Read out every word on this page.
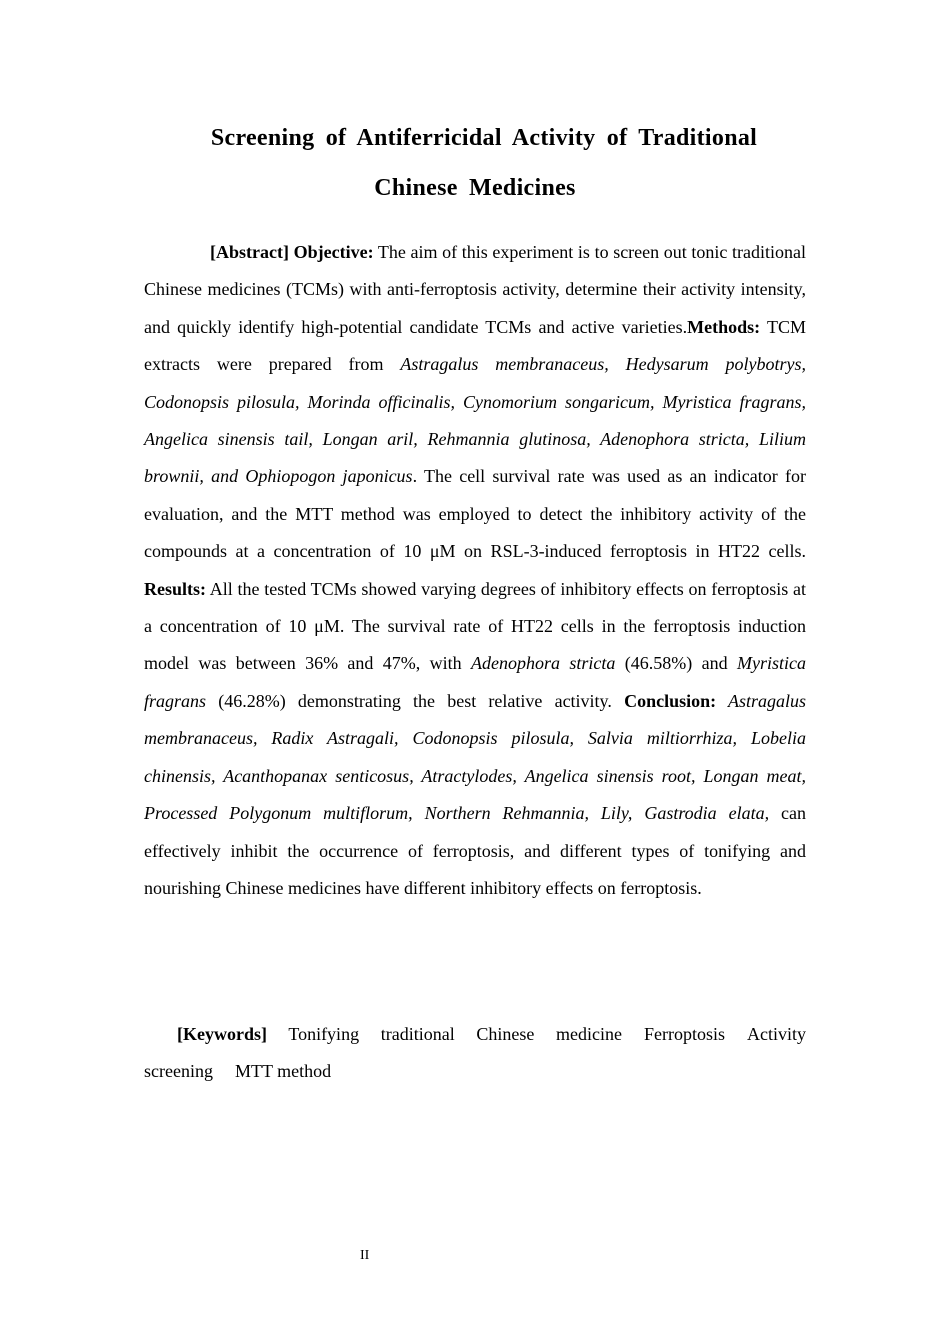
Screening of Antiferricidal Activity of Traditional
Chinese Medicines
[Abstract] Objective: The aim of this experiment is to screen out tonic traditional Chinese medicines (TCMs) with anti-ferroptosis activity, determine their activity intensity, and quickly identify high-potential candidate TCMs and active varieties.Methods: TCM extracts were prepared from Astragalus membranaceus, Hedysarum polybotrys, Codonopsis pilosula, Morinda officinalis, Cynomorium songaricum, Myristica fragrans, Angelica sinensis tail, Longan aril, Rehmannia glutinosa, Adenophora stricta, Lilium brownii, and Ophiopogon japonicus. The cell survival rate was used as an indicator for evaluation, and the MTT method was employed to detect the inhibitory activity of the compounds at a concentration of 10 μM on RSL-3-induced ferroptosis in HT22 cells. Results: All the tested TCMs showed varying degrees of inhibitory effects on ferroptosis at a concentration of 10 μM. The survival rate of HT22 cells in the ferroptosis induction model was between 36% and 47%, with Adenophora stricta (46.58%) and Myristica fragrans (46.28%) demonstrating the best relative activity. Conclusion: Astragalus membranaceus, Radix Astragali, Codonopsis pilosula, Salvia miltiorrhiza, Lobelia chinensis, Acanthopanax senticosus, Atractylodes, Angelica sinensis root, Longan meat, Processed Polygonum multiflorum, Northern Rehmannia, Lily, Gastrodia elata, can effectively inhibit the occurrence of ferroptosis, and different types of tonifying and nourishing Chinese medicines have different inhibitory effects on ferroptosis.
[Keywords] Tonifying traditional Chinese medicine Ferroptosis Activity screening MTT method
II
